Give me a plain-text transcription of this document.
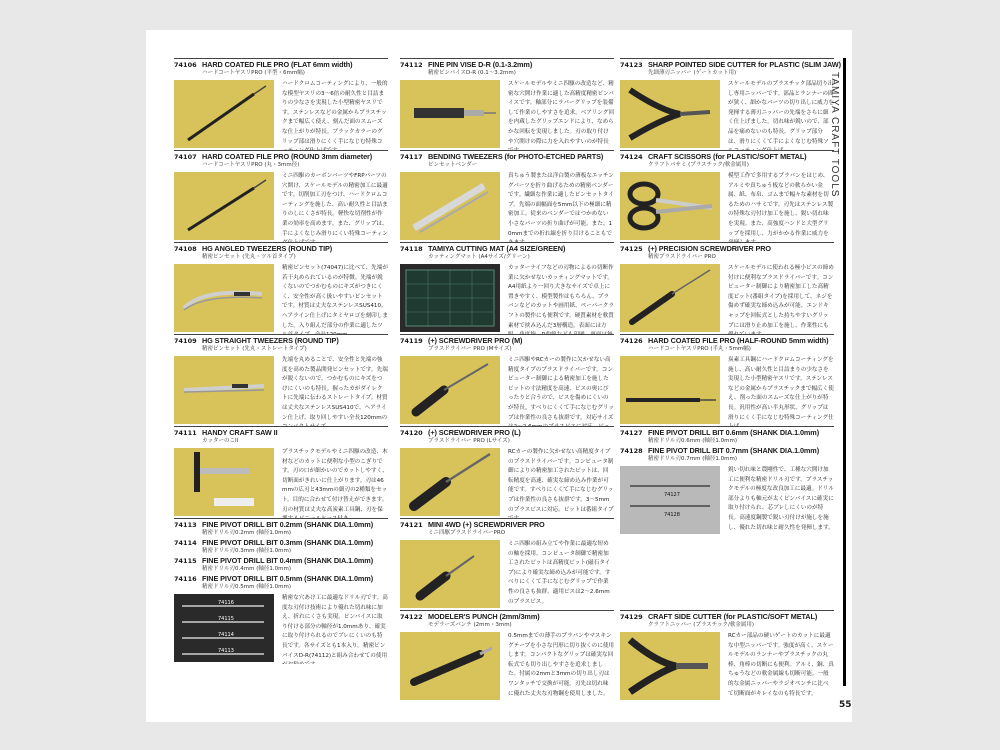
TAMIYA CRAFT TOOLS
55
74106 HARD COATED FILE PRO (FLAT 6mm width)
ハードコートヤスリPRO (平型・6mm幅)
ハードクロムコーティングにより、一般的な模型ヤスリの3～6倍の耐久性と目詰まりの少なさを実現した小型精密ヤスリです。ステンレスなどの金属からプラスチックまで幅広く使え、刻んだ面のスムーズな仕上がりが特長。ブラックカラーのグリップ部は滑りにくく手になじむ特殊コ
74107 HARD COATED FILE PRO (ROUND 3mm diameter)
ハードコートヤスリPRO (丸・3mm径)
ミニ四駆のカーボンパーツやFRPパーツの穴開け、スケールモデルの精密加工に最適です。切削加工刃をつけ、ハードクロムコーティングを施した、高い耐久性と目詰まりのしにくさが特長。軽快な切削性が作業の効率を高めます。また、グリップは、手によくなじみ滑りにくい特殊コーティン
74108 HG ANGLED TWEEZERS (ROUND TIP)
精密ピンセット (先丸・ツル首タイプ)
精密ピンセット(74047)に比べて、先端が若干丸められているのが特徴。先端が鋭くないのでつかむものにキズがつきにくく、安全性が高く扱いやすいピンセットです。材質は丈夫なステンレスSUS410。ヘアライン仕上げにタミヤロゴを刻印しました。入り組んだ部分の作業に適したツ
74109 HG STRAIGHT TWEEZERS (ROUND TIP)
精密ピンセット (先丸・ストレートタイプ)
先端を丸めることで、安全性と先端の強度を高めた製品開発ピンセットです。先端が鋭くないので、つかむものにキズをつけにくいのも特長。握ったカがダイレクトに先端に伝わるストレートタイプ。材質は丈夫なステンレスSUS410で、ヘアライン仕上げ。取り回しやすい全長120mmの
74111 HANDY CRAFT SAW II
カッターのこII
プラスチックモデルやミニ四駆の改造、木材などのカットに便利な小型のこぎりです。刃の口が細かいのでカットしやすく、切断面がきれいに仕上がります。刃は46mmの広刃と43mmの細刃の2種類をセット。目的に合わせて付け替えができます。刃の材質は丈夫な高炭素工具鋼、刃を保
74113 FINE PIVOT DRILL BIT 0.2mm (SHANK DIA.1.0mm)
精密ドリル刃0.2mm (軸径1.0mm)
74114 FINE PIVOT DRILL BIT 0.3mm (SHANK DIA.1.0mm)
精密ドリル刃0.3mm (軸径1.0mm)
74115 FINE PIVOT DRILL BIT 0.4mm (SHANK DIA.1.0mm)
精密ドリル刃0.4mm (軸径1.0mm)
74116 FINE PIVOT DRILL BIT 0.5mm (SHANK DIA.1.0mm)
精密ドリル刃0.5mm (軸径1.0mm)
74116
74115
74114
74113
精密な穴あけ工に最適なドリル刃です。高度な刃付け技術により優れた切れ味に加え、折れにくさも実現。ピンバイスに取り付ける部分の軸径が1.0mmあり、確実に取り付けられるのでブレにくいのも特長です。各サイズとも1本入り。精密ピンバイスD-R(74112)と組み合わせての使用
74112 FINE PIN VISE D-R (0.1-3.2mm)
精密ピンバイスD-R (0.1～3.2mm)
スケールモデルやミニ四駆の改造など、精密な穴開け作業に適した高精度精密ピンバイスです。軸部分にラバーグリップを装備して作業のしやすさを追求。ベアリング回を内蔵したグリップエンドにより、なめらかな回転を実現しました。刃の取り付けや穴開けの際に力を入れやすいのが特長
74117 BENDING TWEEZERS (for PHOTO-ETCHED PARTS)
ピンセットベンダー
真ちゅう製または洋白製の薄板なエッチングパーツを折り曲げるための精密ベンダーです。繊細な作業に適したピンセットタイプ。先端の面幅面を5mm以下の極細に精密加工。従来のベンダーではつかめない小さなパーツの折り曲げが可能。また、10mmまでの折れ線を折り目けることもで
74118 TAMIYA CUTTING MAT (A4 SIZE/GREEN)
カッティングマット (A4サイズ/グリーン)
カッターナイフなどの刃物によるの切断作業に欠かせないカッティングマットです。A4用紙より一回り大きなサイズで卓上に置きやすく、模型製作はもちろん、プラバンなどのカットや画用紙、ペーパークラフトの製作にも便利です。硬質素材を軟質素材で挟み込んだ3層構造。表面には方
74119 (+) SCREWDRIVER PRO (M)
プラスドライバー PRO (Mサイズ)
ミニ四駆やRCカーの製作に欠かせない高精度タイプのプラスドライバーです。コンピューター制御による精密加工を施したビットの寸法精度を高速、ビスの奥にぴったりと合うので、ビスを傷めにくいのが特長。すべりにくくて手になじむグリップは作業性の良さも抜群です。対応サイズ
74120 (+) SCREWDRIVER PRO (L)
プラスドライバー PRO (Lサイズ)
RCカーの製作に欠かせない高精度タイプのプラスドライバーです。コンピュータ制御によりの精密加工されたビットは、回転精度を高速、確実な締め込み作業が可能です。すべりにくくて手になじむグリップは作業性の良さも抜群です。3～5mmのプラスビスに対応。ビットは番組タイプ
74121 MINI 4WD (+) SCREWDRIVER PRO
ミニ四駆プラスドライバーPRO
ミニ四駆の組み立てや作業に最適な短めの軸を採用。コンピュータ制御で精密加工されたビットは高精度ビット(磁石タイプ)により確実な締め込みが可能です。すべりにくくて手になじむグリップで作業性の良さも抜群。適用ビスは2～2.6mmのプラスビス。
74122 MODELER'S PUNCH (2mm/3mm)
モデラーズパンチ (2mm・3mm)
0.5mmまでの薄手のプラバンやマスキングテープを小さな円形に切り抜くのに使用します。コンパクトなグリップは確実な回転式でも切り出しやすさを追求しました。付属の2mmと3mmの切り出し刃はワンタッチで交換が可能。刃先は切れ味に優れた丈夫な刃物鋼を使用しました。
74123 SHARP POINTED SIDE CUTTER for PLASTIC (SLIM JAW)
先細薄刃ニッパー (ゲートカット用)
スケールモデルのプラスチック部品切り出し専用ニッパーです。部品とランナーの間が狭く、細かなパーツの切り出しに威力を発揮する薄刃ニッパーの先端をさらに細く仕上げました。切れ味が鋭いので、部品を痛めないのも特長。グリップ部分は、滑りにくくて手によくなじむ特殊ソ
74124 CRAFT SCISSORS (for PLASTIC/SOFT METAL)
クラフトバサミ (プラスチック/軟金属用)
模型工作で多用するプラバンをはじめ、アルミや真ちゅう板などの軟らかい金属、紙、布帛、ゴムまで幅々な素材を切るためのハサミです。刃先はステンレス製の特殊な刃付け加工を施し、鋭い切れ味を実現。また、高強度ハンドと大型グリップを採用し、力がかかる作業に威力を
74125 (+) PRECISION SCREWDRIVER PRO
精密プラスドライバー PRO
スケールモデルに使われる極小ビスの締め付けに便利なプラスドライバーです。コンピューター制御により精密加工した高精度ビット(番組タイプ)を採用して、ネジを傷めず確実な締め込みが可能。エンドキャップを回転式とした持ちやすいグリップには滑り止め加工を施し、作業性にも
74126 HARD COATED FILE PRO (HALF-ROUND 5mm width)
ハードコートヤスリPRO (半丸・5mm幅)
炭素工具鋼にハードクロムコーティングを施し、高い耐久性と目詰まりの少なさを実現した小型精密ヤスリです。ステンレスなどの金属からプラスチックまで幅広く使え、削った面のスムーズな仕上がりが特長。汎用性が高い半丸形状、グリップは滑りにくく手になじむ特殊コーティング仕
74127 FINE PIVOT DRILL BIT 0.6mm (SHANK DIA.1.0mm)
精密ドリル刃0.6mm (軸径1.0mm)
74128 FINE PIVOT DRILL BIT 0.7mm (SHANK DIA.1.0mm)
精密ドリル刃0.7mm (軸径1.0mm)
74127
74128
鋭い切れ味と農剛性で、工種な穴開け加工に便利な精密ドリル刃です。プラスチックモデルの極度な改良加工に最適。ドリル部分よりも軸元が太くピンバイスに確実に取り付けられ、芯ブレしにくいのが特長。高速度鋼製で鋭い刃付けが施しを施し、優れた切れ味と耐久性を発揮します。
74129 CRAFT SIDE CUTTER (for PLASTIC/SOFT METAL)
クラフトニッパー (プラスチック/軟金属用)
RCカー部品の硬いゲートのカットに最適な中型ニッパーです。強度が高く、スケールモデルのランナーやプラスチックの丸棒、角棒の切断にも便利。アルミ、銅、真ちゅうなどの軟金属線も切断可能。一般的な金属ニッパーやラジオペンチに比べて切断面がキレイなのも特長です。
